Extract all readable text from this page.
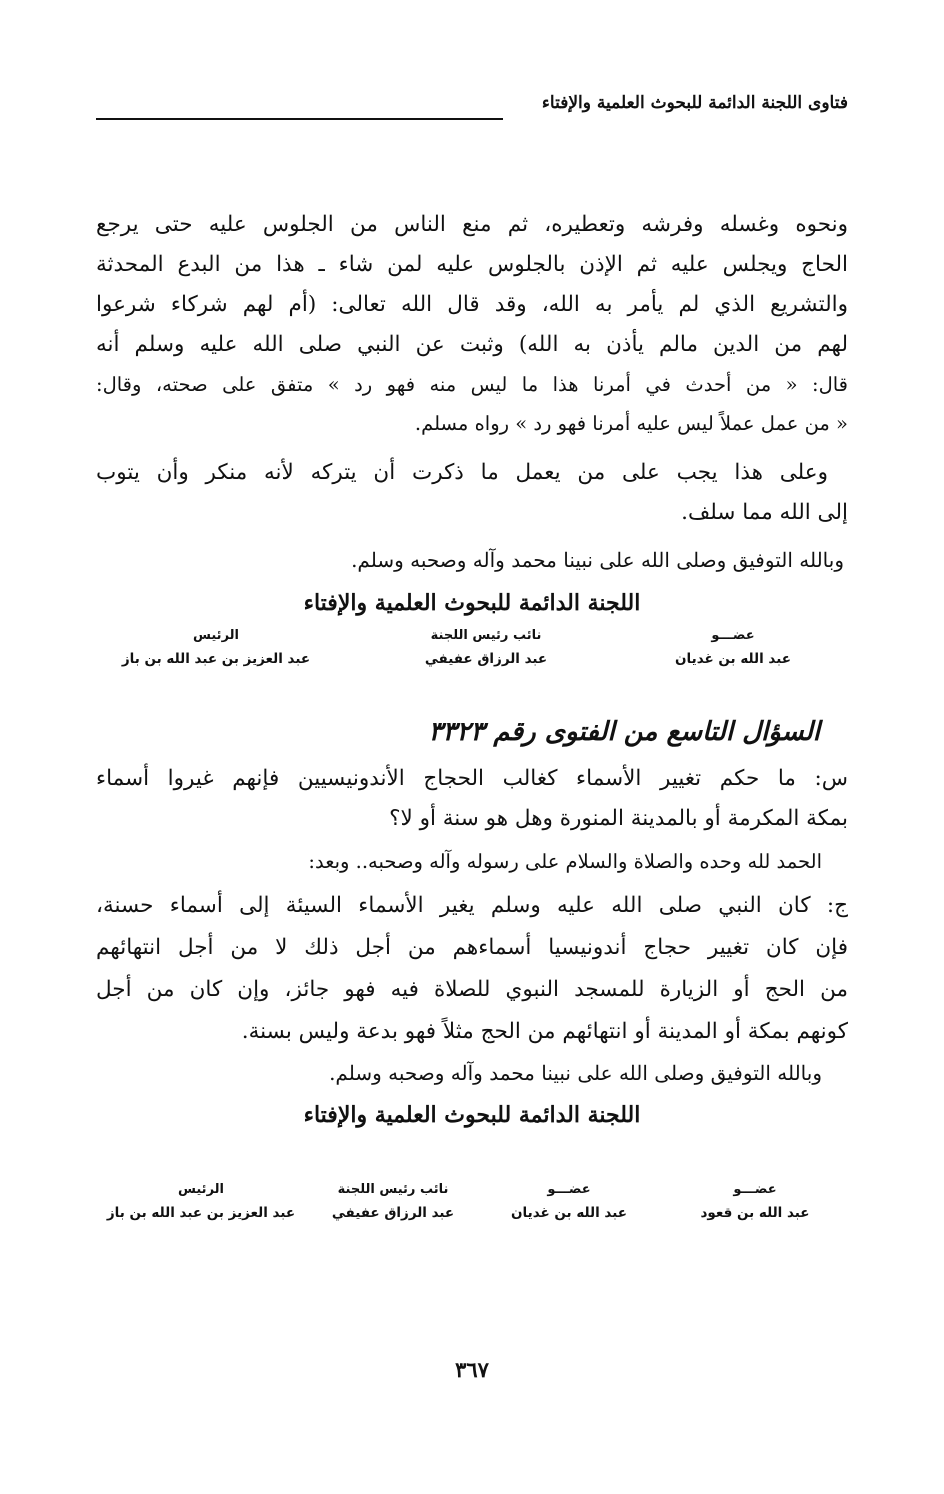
فتاوى اللجنة الدائمة للبحوث العلمية والإفتاء
ونحوه وغسله وفرشه وتعطيره، ثم منع الناس من الجلوس عليه حتى يرجع
الحاج ويجلس عليه ثم الإذن بالجلوس عليه لمن شاء ـ هذا من البدع المحدثة
والتشريع الذي لم يأمر به الله، وقد قال الله تعالى: (أم لهم شركاء شرعوا
لهم من الدين مالم يأذن به الله) وثبت عن النبي صلى الله عليه وسلم أنه
قال: « من أحدث في أمرنا هذا ما ليس منه فهو رد » متفق على صحته، وقال:
« من عمل عملاً ليس عليه أمرنا فهو رد » رواه مسلم.
وعلى هذا يجب على من يعمل ما ذكرت أن يتركه لأنه منكر وأن يتوب
إلى الله مما سلف.
وبالله التوفيق وصلى الله على نبينا محمد وآله وصحبه وسلم.
اللجنة الدائمة للبحوث العلمية والإفتاء
الرئيس
عبد العزيز بن عبد الله بن باز
نائب رئيس اللجنة
عبد الرزاق عفيفي
عضـــو
عبد الله بن غديان
السؤال التاسع من الفتوى رقم ٣٣٢٣
س: ما حكم تغيير الأسماء كغالب الحجاج الأندونيسيين فإنهم غيروا أسماء
بمكة المكرمة أو بالمدينة المنورة وهل هو سنة أو لا؟
الحمد لله وحده والصلاة والسلام على رسوله وآله وصحبه.. وبعد:
ج: كان النبي صلى الله عليه وسلم يغير الأسماء السيئة إلى أسماء حسنة،
فإن كان تغيير حجاج أندونيسيا أسماءهم من أجل ذلك لا من أجل انتهائهم
من الحج أو الزيارة للمسجد النبوي للصلاة فيه فهو جائز، وإن كان من أجل
كونهم بمكة أو المدينة أو انتهائهم من الحج مثلاً فهو بدعة وليس بسنة.
وبالله التوفيق وصلى الله على نبينا محمد وآله وصحبه وسلم.
اللجنة الدائمة للبحوث العلمية والإفتاء
الرئيس
عبد العزيز بن عبد الله بن باز
نائب رئيس اللجنة
عبد الرزاق عفيفي
عضـــو
عبد الله بن غديان
عضـــو
عبد الله بن قعود
٣٦٧
